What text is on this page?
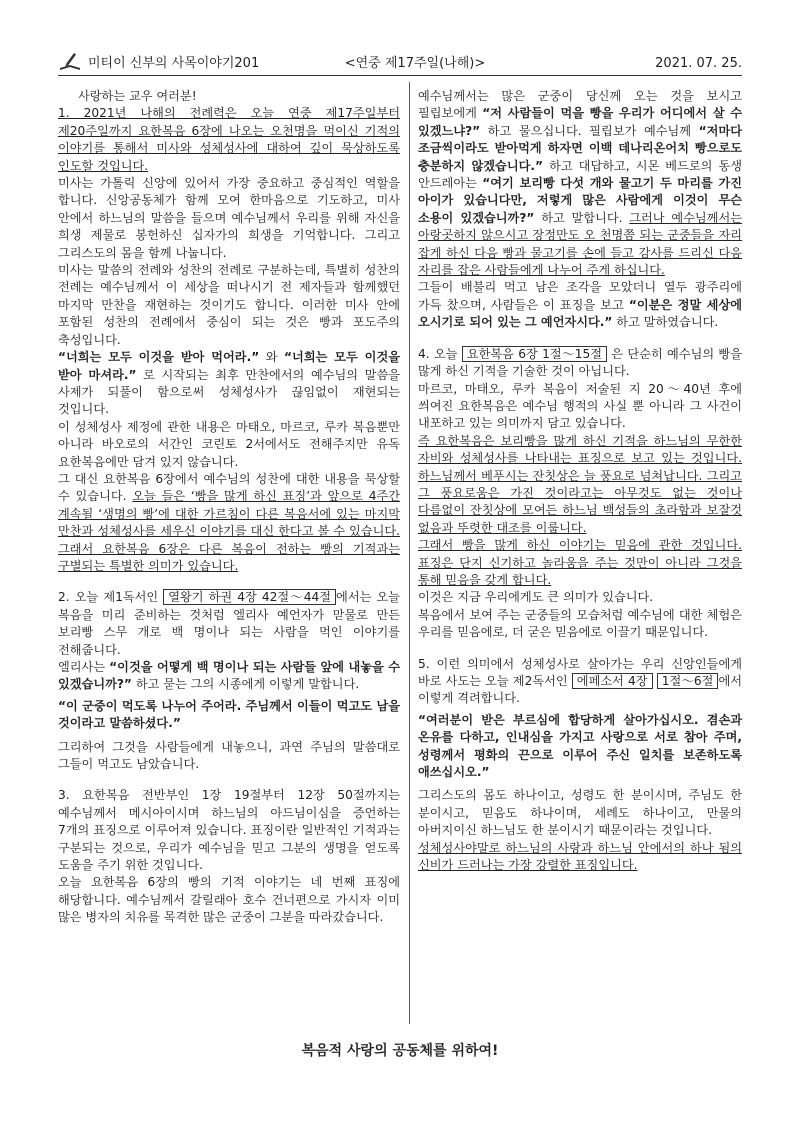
미티이 신부의 사목이야기201	<연중 제17주일(나해)>	2021. 07. 25.

사랑하는 교우 여러분!

1. 2021년 나해의 전례력은 오늘 연중 제17주일부터 제20주일까지 요한복음 6장에 나오는 오천명을 먹이신 기적의 이야기를 통해서 미사와 성체성사에 대하여 깊이 묵상하도록 인도할 것입니다.

미사는 가톨릭 신앙에 있어서 가장 중요하고 중심적인 역할을 합니다. 신앙공동체가 함께 모여 한마음으로 기도하고, 미사 안에서 하느님의 말씀을 들으며 예수님께서 우리를 위해 자신을 희생 제물로 봉헌하신 십자가의 희생을 기억합니다. 그리고 그리스도의 몸을 함께 나눕니다.

미사는 말씀의 전례와 성찬의 전례로 구분하는데, 특별히 성찬의 전례는 예수님께서 이 세상을 떠나시기 전 제자들과 함께했던 마지막 만찬을 재현하는 것이기도 합니다. 이러한 미사 안에 포함된 성찬의 전례에서 중심이 되는 것은 빵과 포도주의 축성입니다.

“너희는 모두 이것을 받아 먹어라.” 와 “너희는 모두 이것을 받아 마셔라.” 로 시작되는 최후 만찬에서의 예수님의 말씀을 사제가 되풀이 함으로써 성체성사가 끊임없이 재현되는 것입니다.

이 성체성사 제정에 관한 내용은 마태오, 마르코, 루카 복음뿐만 아니라 바오로의 서간인 코린토 2서에서도 전해주지만 유독 요한복음에만 담겨 있지 않습니다.

그 대신 요한복음 6장에서 예수님의 성찬에 대한 내용을 묵상할 수 있습니다. 오늘 들은 ‘빵을 많게 하신 표징’과 앞으로 4주간 계속될 ‘생명의 빵’에 대한 가르침이 다른 복음서에 있는 마지막 만찬과 성체성사를 세우신 이야기를 대신 한다고 볼 수 있습니다. 그래서 요한복음 6장은 다른 복음이 전하는 빵의 기적과는 구별되는 특별한 의미가 있습니다.

2. 오늘 제1독서인 열왕기 하권 4장 42절～44절 에서는 오늘 복음을 미리 준비하는 것처럼 엘리사 예언자가 맏물로 만든 보리빵 스무 개로 백 명이나 되는 사람을 먹인 이야기를 전해줍니다.

엘리사는 “이것을 어떻게 백 명이나 되는 사람들 앞에 내놓을 수 있겠습니까?” 하고 묻는 그의 시종에게 이렇게 말합니다.

“이 군중이 먹도록 나누어 주어라. 주님께서 이들이 먹고도 남을 것이라고 말씀하셨다.”

그리하여 그것을 사람들에게 내놓으니, 과연 주님의 말씀대로 그들이 먹고도 남았습니다.

3. 요한복음 전반부인 1장 19절부터 12장 50절까지는 예수님께서 메시아이시며 하느님의 아드님이심을 증언하는 7개의 표징으로 이루어져 있습니다. 표징이란 일반적인 기적과는 구분되는 것으로, 우리가 예수님을 믿고 그분의 생명을 얻도록 도움을 주기 위한 것입니다.

오늘 요한복음 6장의 빵의 기적 이야기는 네 번째 표징에 해당합니다. 예수님께서 갈릴래아 호수 건너편으로 가시자 이미 많은 병자의 치유를 목격한 많은 군중이 그분을 따라갔습니다.

예수님께서는 많은 군중이 당신께 오는 것을 보시고 필립보에게 “저 사람들이 먹을 빵을 우리가 어디에서 살 수 있겠느냐?” 하고 물으십니다. 필립보가 예수님께 “저마다 조금씩이라도 받아먹게 하자면 이백 데나리온어치 빵으로도 충분하지 않겠습니다.” 하고 대답하고, 시몬 베드로의 동생 안드레아는 “여기 보리빵 다섯 개와 물고기 두 마리를 가진 아이가 있습니다만, 저렇게 많은 사람에게 이것이 무슨 소용이 있겠습니까?” 하고 말합니다. 그러나 예수님께서는 아랑곳하지 않으시고 장정만도 오 천명쯤 되는 군중들을 자리 잡게 하신 다음 빵과 물고기를 손에 들고 감사를 드리신 다음 자리를 잡은 사람들에게 나누어 주게 하십니다.

그들이 배불리 먹고 남은 조각을 모았더니 열두 광주리에 가득 찼으며, 사람들은 이 표징을 보고 “이분은 정말 세상에 오시기로 되어 있는 그 예언자시다.” 하고 말하였습니다.

4. 오늘 요한복음 6장 1절～15절 은 단순히 예수님의 빵을 많게 하신 기적을 기술한 것이 아닙니다.

마르코, 마태오, 루카 복음이 저술된 지 20～40년 후에 씌여진 요한복음은 예수님 행적의 사실 뿐 아니라 그 사건이 내포하고 있는 의미까지 담고 있습니다.

즉 요한복음은 보리빵을 많게 하신 기적을 하느님의 무한한 자비와 성체성사를 나타내는 표징으로 보고 있는 것입니다. 하느님께서 베푸시는 잔칫상은 늘 풍요로 넘쳐납니다. 그리고 그 풍요로움은 가진 것이라고는 아무것도 없는 것이나 다름없이 잔칫상에 모여든 하느님 백성들의 초라함과 보잘것 없음과 뚜렷한 대조를 이룹니다.

그래서 빵을 많게 하신 이야기는 믿음에 관한 것입니다. 표징은 단지 신기하고 놀라움을 주는 것만이 아니라 그것을 통해 믿음을 갖게 합니다.

이것은 지금 우리에게도 큰 의미가 있습니다.

복음에서 보여 주는 군중들의 모습처럼 예수님에 대한 체험은 우리를 믿음에로, 더 굳은 믿음에로 이끌기 때문입니다.

5. 이런 의미에서 성체성사로 살아가는 우리 신앙인들에게 바로 사도는 오늘 제2독서인 에페소서 4장 1절～6절 에서 이렇게 격려합니다.

“여러분이 받은 부르심에 합당하게 살아가십시오. 겸손과 온유를 다하고, 인내심을 가지고 사랑으로 서로 참아 주며, 성령께서 평화의 끈으로 이루어 주신 일치를 보존하도록 애쓰십시오.”

그리스도의 몸도 하나이고, 성령도 한 분이시며, 주님도 한 분이시고, 믿음도 하나이며, 세례도 하나이고, 만물의 아버지이신 하느님도 한 분이시기 때문이라는 것입니다.

성체성사야말로 하느님의 사랑과 하느님 안에서의 하나 됨의 신비가 드러나는 가장 강렬한 표징입니다.

복음적 사랑의 공동체를 위하여!
